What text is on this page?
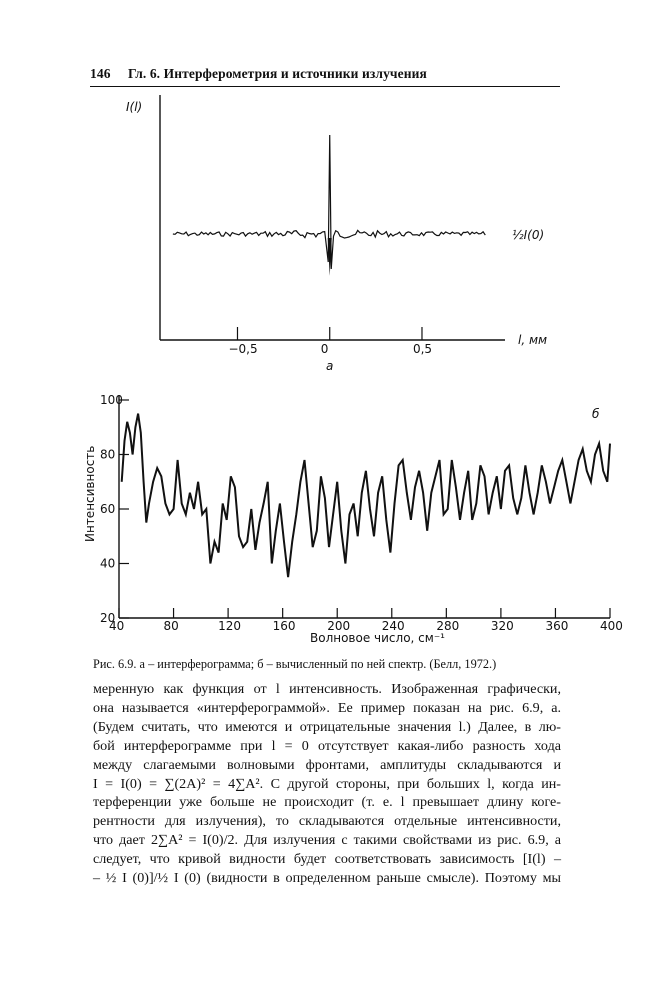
146 Гл. 6. Интерферометрия и источники излучения
I(l)
l, мм
½I(0)
а
−0,5	0	0,5
Интенсивность
Волновое число, см⁻¹
б
40	80	120	160	200	240	280	320	360	400
20
40
60
80
100
Рис. 6.9. а – интерферограмма; б – вычисленный по ней спектр. (Белл, 1972.)
меренную как функция от l интенсивность. Изображенная графически,
она называется «интерферограммой». Ее пример показан на рис. 6.9, а.
(Будем считать, что имеются и отрицательные значения l.) Далее, в лю-
бой интерферограмме при l = 0 отсутствует какая-либо разность хода
между слагаемыми волновыми фронтами, амплитуды складываются и
I = I(0) = ∑(2A)² = 4∑A². С другой стороны, при больших l, когда ин-
терференции уже больше не происходит (т. е. l превышает длину коге-
рентности для излучения), то складываются отдельные интенсивности,
что дает 2∑A² = I(0)/2. Для излучения с такими свойствами из рис. 6.9, а
следует, что кривой видности будет соответствовать зависимость [I(l) –
– ½ I (0)]/½ I (0) (видности в определенном раньше смысле). Поэтому мы
